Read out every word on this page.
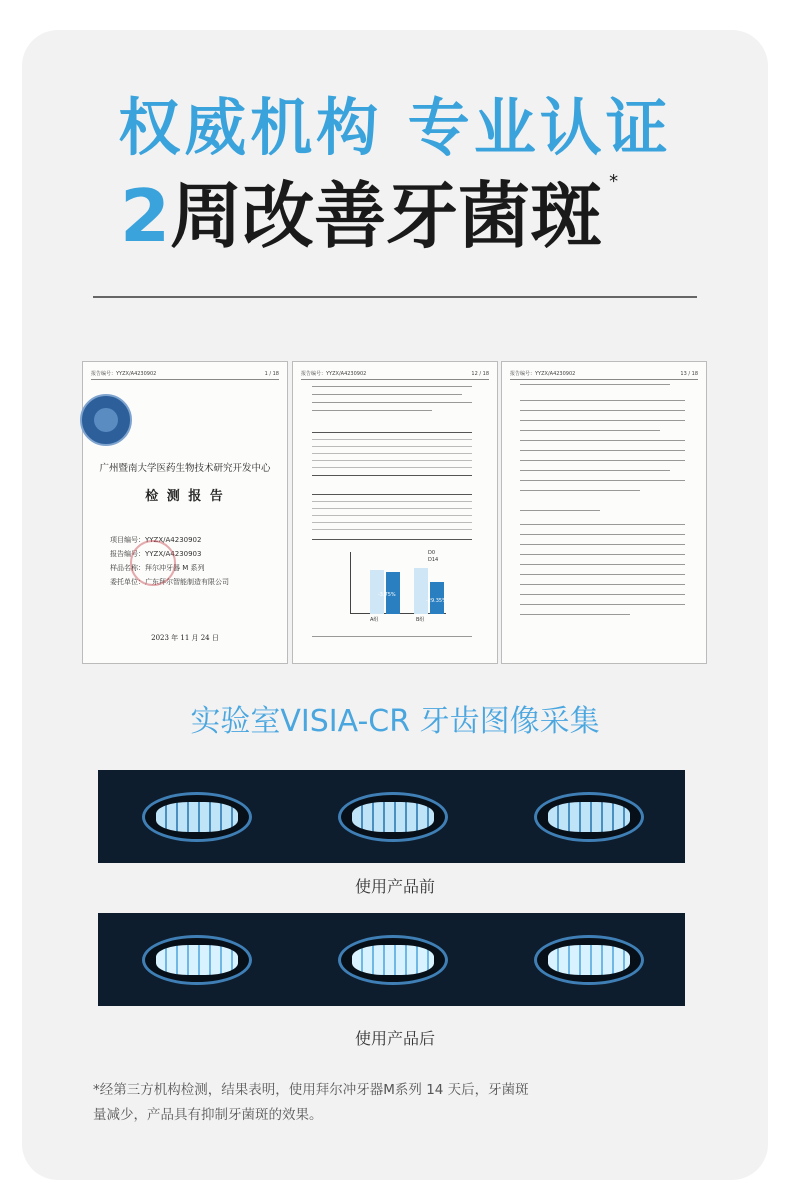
权威机构 专业认证
2周改善牙菌斑 *
报告编号：YYZX/A4230902	1 / 18
广州暨南大学医药生物技术研究开发中心
检 测 报 告
项目编号：YYZX/A4230902
报告编号：YYZX/A4230903
样品名称：拜尔冲牙器 M 系列
委托单位：广东拜尔智能制造有限公司
2023 年 11 月 24 日
报告编号：YYZX/A4230902	12 / 18
-3.75%
-29.35%
D0
D14
A组	B组
报告编号：YYZX/A4230902	13 / 18
实验室VISIA-CR 牙齿图像采集
使用产品前
使用产品后
*经第三方机构检测，结果表明，使用拜尔冲牙器M系列 14 天后，牙菌斑
量减少，产品具有抑制牙菌斑的效果。
